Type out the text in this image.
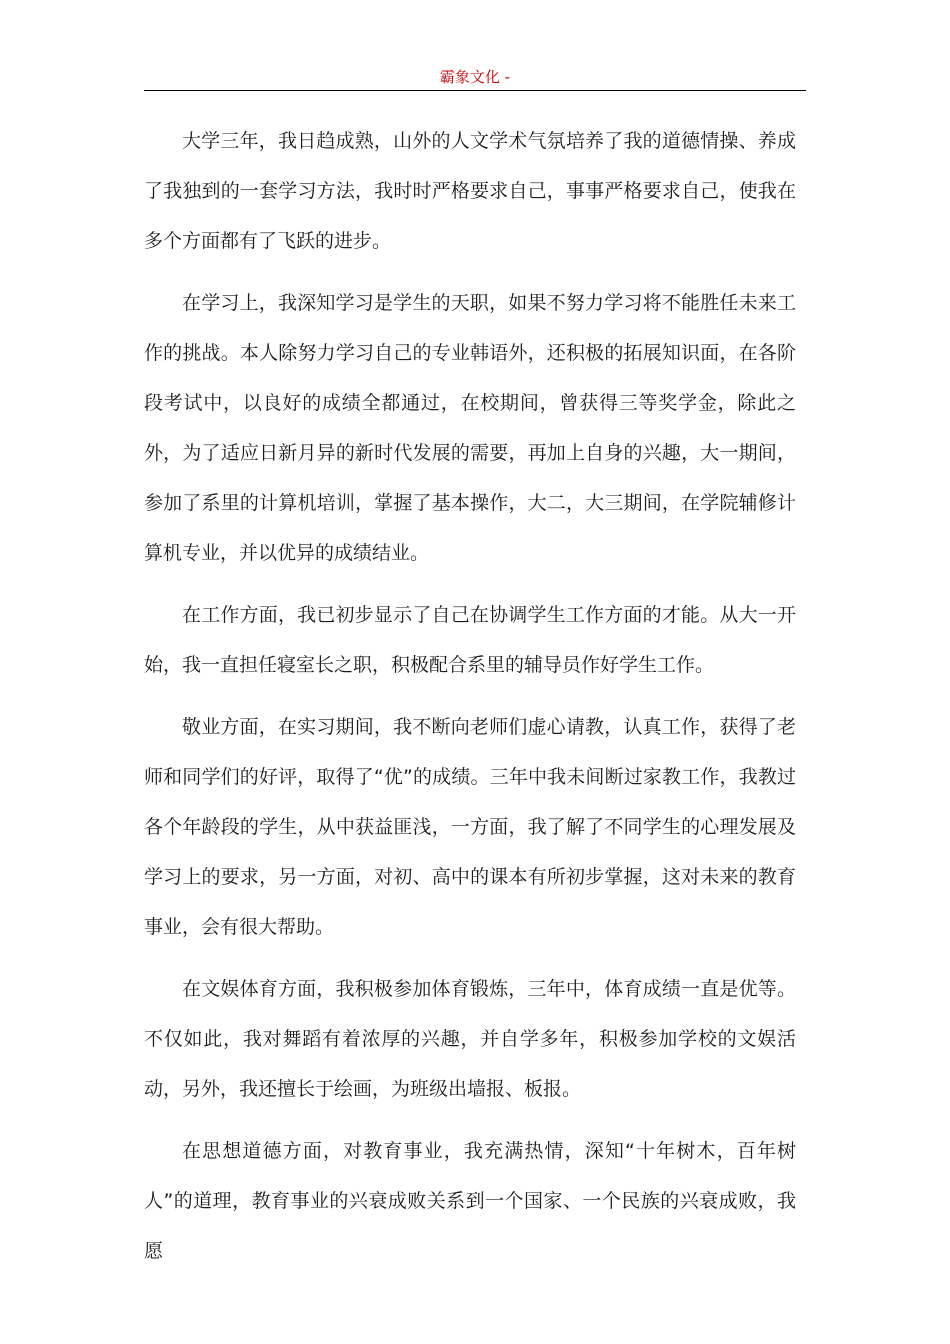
霸象文化 -

大学三年，我日趋成熟，山外的人文学术气氛培养了我的道德情操、养成了我独到的一套学习方法，我时时严格要求自己，事事严格要求自己，使我在多个方面都有了飞跃的进步。

在学习上，我深知学习是学生的天职，如果不努力学习将不能胜任未来工作的挑战。本人除努力学习自己的专业韩语外，还积极的拓展知识面，在各阶段考试中，以良好的成绩全都通过，在校期间，曾获得三等奖学金，除此之外，为了适应日新月异的新时代发展的需要，再加上自身的兴趣，大一期间，参加了系里的计算机培训，掌握了基本操作，大二，大三期间，在学院辅修计算机专业，并以优异的成绩结业。

在工作方面，我已初步显示了自己在协调学生工作方面的才能。从大一开始，我一直担任寝室长之职，积极配合系里的辅导员作好学生工作。

敬业方面，在实习期间，我不断向老师们虚心请教，认真工作，获得了老师和同学们的好评，取得了“优”的成绩。三年中我未间断过家教工作，我教过各个年龄段的学生，从中获益匪浅，一方面，我了解了不同学生的心理发展及学习上的要求，另一方面，对初、高中的课本有所初步掌握，这对未来的教育事业，会有很大帮助。

在文娱体育方面，我积极参加体育锻炼，三年中，体育成绩一直是优等。不仅如此，我对舞蹈有着浓厚的兴趣，并自学多年，积极参加学校的文娱活动，另外，我还擅长于绘画，为班级出墙报、板报。

在思想道德方面，对教育事业，我充满热情，深知“十年树木，百年树人”的道理，教育事业的兴衰成败关系到一个国家、一个民族的兴衰成败，我愿
